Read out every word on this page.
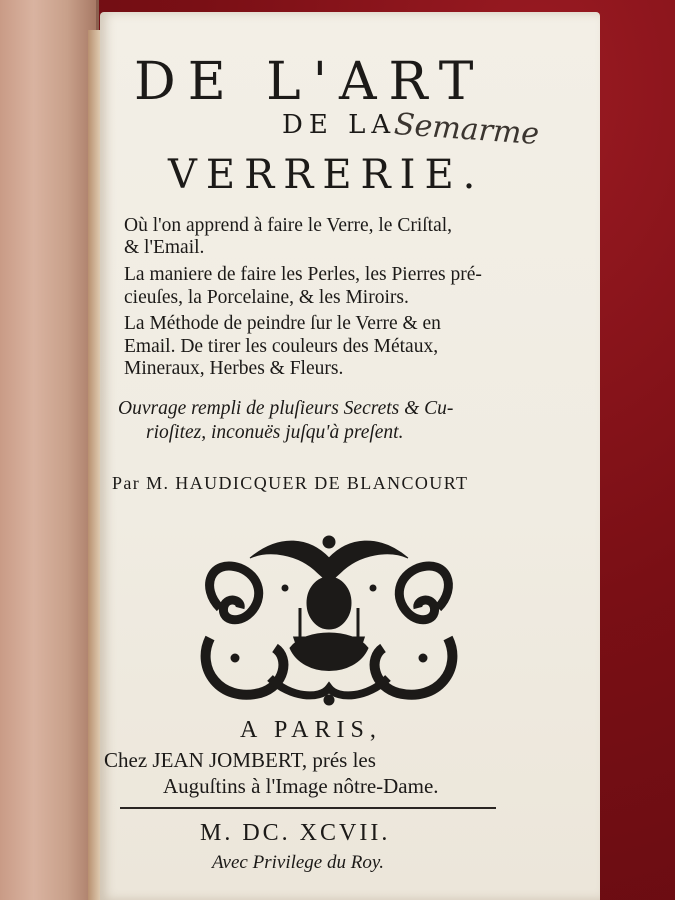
DE L'ART
DE LA
Semarme
VERRERIE.
Où l'on apprend à faire le Verre, le Criſtal,
& l'Email.
La maniere de faire les Perles, les Pierres pré-
cieuſes, la Porcelaine, & les Miroirs.
La Méthode de peindre ſur le Verre & en
Email. De tirer les couleurs des Métaux,
Mineraux, Herbes & Fleurs.
Ouvrage rempli de pluſieurs Secrets & Cu-
rioſitez, inconuës juſqu'à preſent.
Par M. HAUDICQUER DE BLANCOURT
A PARIS,
Chez JEAN JOMBERT, prés les
Auguſtins à l'Image nôtre-Dame.
M. DC. XCVII.
Avec Privilege du Roy.
